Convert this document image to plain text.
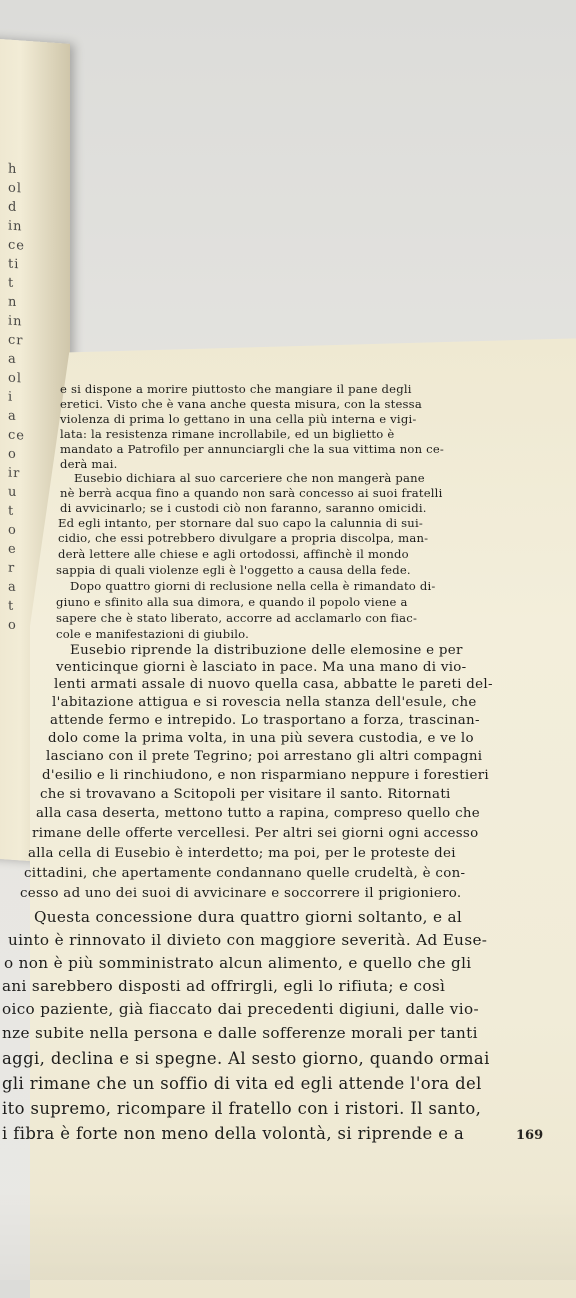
h
ol
d
in
ce
ti
t
n
in
cr
a
ol
i
a
ce
o
ir
u
t
o
e
r
a
t
o
e si dispone a morire piuttosto che mangiare il pane degli
eretici. Visto che è vana anche questa misura, con la stessa
violenza di prima lo gettano in una cella più interna e vigi-
lata: la resistenza rimane incrollabile, ed un biglietto è
mandato a Patrofilo per annunciargli che la sua vittima non ce-
derà mai.
Eusebio dichiara al suo carceriere che non mangerà pane
nè berrà acqua fino a quando non sarà concesso ai suoi fratelli
di avvicinarlo; se i custodi ciò non faranno, saranno omicidi.
Ed egli intanto, per stornare dal suo capo la calunnia di sui-
cidio, che essi potrebbero divulgare a propria discolpa, man-
derà lettere alle chiese e agli ortodossi, affinchè il mondo
sappia di quali violenze egli è l'oggetto a causa della fede.
Dopo quattro giorni di reclusione nella cella è rimandato di-
giuno e sfinito alla sua dimora, e quando il popolo viene a
sapere che è stato liberato, accorre ad acclamarlo con fiac-
cole e manifestazioni di giubilo.
Eusebio riprende la distribuzione delle elemosine e per
venticinque giorni è lasciato in pace. Ma una mano di vio-
lenti armati assale di nuovo quella casa, abbatte le pareti del-
l'abitazione attigua e si rovescia nella stanza dell'esule, che
attende fermo e intrepido. Lo trasportano a forza, trascinan-
dolo come la prima volta, in una più severa custodia, e ve lo
lasciano con il prete Tegrino; poi arrestano gli altri compagni
d'esilio e li rinchiudono, e non risparmiano neppure i forestieri
che si trovavano a Scitopoli per visitare il santo. Ritornati
alla casa deserta, mettono tutto a rapina, compreso quello che
rimane delle offerte vercellesi. Per altri sei giorni ogni accesso
alla cella di Eusebio è interdetto; ma poi, per le proteste dei
cittadini, che apertamente condannano quelle crudeltà, è con-
cesso ad uno dei suoi di avvicinare e soccorrere il prigioniero.
Questa concessione dura quattro giorni soltanto, e al
uinto è rinnovato il divieto con maggiore severità. Ad Euse-
o non è più somministrato alcun alimento, e quello che gli
ani sarebbero disposti ad offrirgli, egli lo rifiuta; e così
oico paziente, già fiaccato dai precedenti digiuni, dalle vio-
nze subite nella persona e dalle sofferenze morali per tanti
aggi, declina e si spegne. Al sesto giorno, quando ormai
gli rimane che un soffio di vita ed egli attende l'ora del
ito supremo, ricompare il fratello con i ristori. Il santo,
i fibra è forte non meno della volontà, si riprende e a	169
